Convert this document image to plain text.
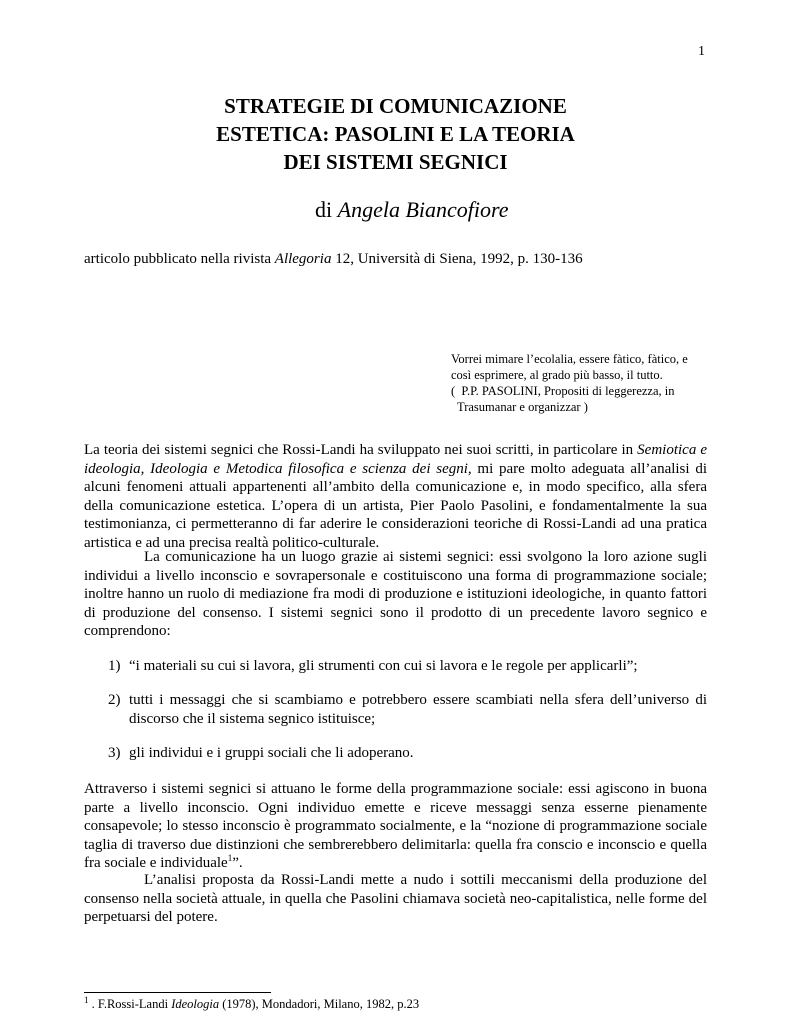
1
STRATEGIE DI COMUNICAZIONE
ESTETICA: PASOLINI E LA TEORIA
DEI SISTEMI SEGNICI
di Angela Biancofiore
articolo pubblicato nella rivista Allegoria 12, Università di Siena, 1992, p. 130-136
Vorrei mimare l’ecolalia, essere fàtico, fàtico, e
così esprimere, al grado più basso, il tutto.
(  P.P. PASOLINI, Propositi di leggerezza, in
Trasumanar e organizzar )
La teoria dei sistemi segnici che Rossi-Landi ha sviluppato nei suoi scritti, in particolare in Semiotica e ideologia, Ideologia e Metodica filosofica e scienza dei segni, mi pare molto adeguata all’analisi di alcuni fenomeni attuali appartenenti all’ambito della comunicazione e, in modo specifico, alla sfera della comunicazione estetica. L’opera di un artista, Pier Paolo Pasolini, e fondamentalmente la sua testimonianza, ci permetteranno di far aderire le considerazioni teoriche di Rossi-Landi ad una pratica artistica e ad una precisa realtà politico-culturale.
La comunicazione ha un luogo grazie ai sistemi segnici: essi svolgono la loro azione sugli individui a livello inconscio e sovrapersonale e costituiscono una forma di programmazione sociale; inoltre hanno un ruolo di mediazione fra modi di produzione e istituzioni ideologiche, in quanto fattori di produzione del consenso. I sistemi segnici sono il prodotto di un precedente lavoro segnico e comprendono:
1) “i materiali su cui si lavora, gli strumenti con cui si lavora e le regole per applicarli”;
2) tutti i messaggi che si scambiamo e potrebbero essere scambiati nella sfera dell’universo di discorso che il sistema segnico istituisce;
3) gli individui e i gruppi sociali che li adoperano.
Attraverso i sistemi segnici si attuano le forme della programmazione sociale: essi agiscono in buona parte a livello inconscio. Ogni individuo emette e riceve messaggi senza esserne pienamente consapevole; lo stesso inconscio è programmato socialmente, e la “nozione di programmazione sociale taglia di traverso due distinzioni che sembrerebbero delimitarla: quella fra conscio e inconscio e quella fra sociale e individuale$^1$”.
L’analisi proposta da Rossi-Landi mette a nudo i sottili meccanismi della produzione del consenso nella società attuale, in quella che Pasolini chiamava società neo-capitalistica, nelle forme del perpetuarsi del potere.
$^1$ . F.Rossi-Landi Ideologia (1978), Mondadori, Milano, 1982, p.23
